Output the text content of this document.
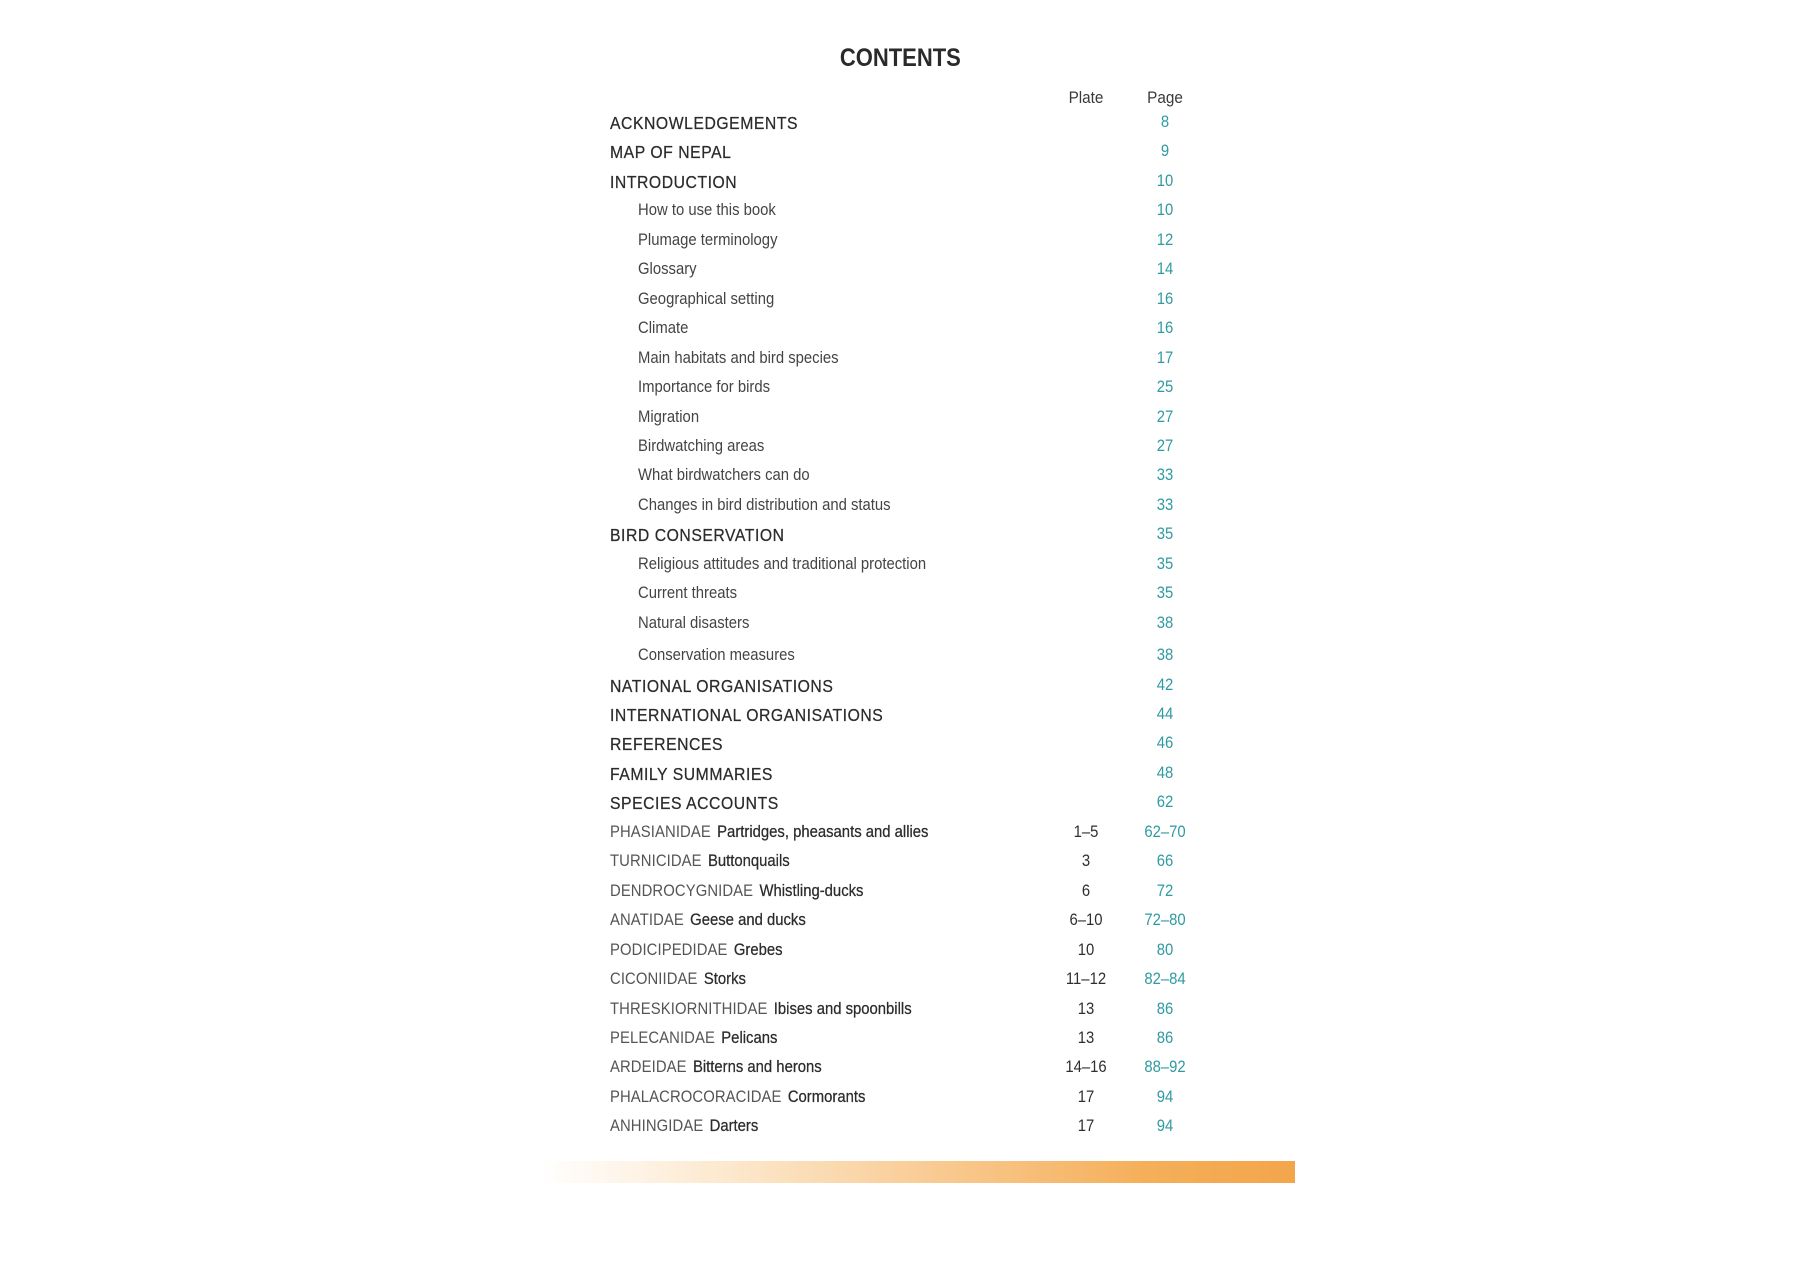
CONTENTS
Plate	Page
ACKNOWLEDGEMENTS	8
MAP OF NEPAL	9
INTRODUCTION	10
How to use this book	10
Plumage terminology	12
Glossary	14
Geographical setting	16
Climate	16
Main habitats and bird species	17
Importance for birds	25
Migration	27
Birdwatching areas	27
What birdwatchers can do	33
Changes in bird distribution and status	33
BIRD CONSERVATION	35
Religious attitudes and traditional protection	35
Current threats	35
Natural disasters	38
Conservation measures	38
NATIONAL ORGANISATIONS	42
INTERNATIONAL ORGANISATIONS	44
REFERENCES	46
FAMILY SUMMARIES	48
SPECIES ACCOUNTS	62
PHASIANIDAE Partridges, pheasants and allies	1–5	62–70
TURNICIDAE Buttonquails	3	66
DENDROCYGNIDAE Whistling-ducks	6	72
ANATIDAE Geese and ducks	6–10	72–80
PODICIPEDIDAE Grebes	10	80
CICONIIDAE Storks	11–12	82–84
THRESKIORNITHIDAE Ibises and spoonbills	13	86
PELECANIDAE Pelicans	13	86
ARDEIDAE Bitterns and herons	14–16	88–92
PHALACROCORACIDAE Cormorants	17	94
ANHINGIDAE Darters	17	94
